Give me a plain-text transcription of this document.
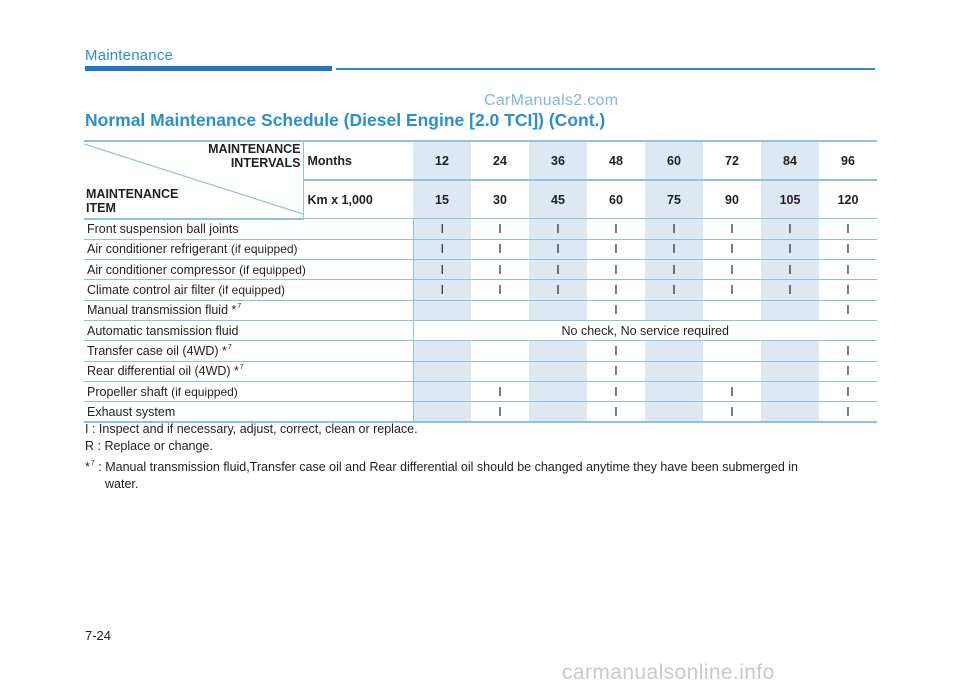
Maintenance
CarManuals2.com
Normal Maintenance Schedule (Diesel Engine [2.0 TCI]) (Cont.)
MAINTENANCE
INTERVALS
MAINTENANCE
ITEM	Months	12	24	36	48	60	72	84	96
	Km x 1,000	15	30	45	60	75	90	105	120
Front suspension ball joints		I	I	I	I	I	I	I	I
Air conditioner refrigerant (if equipped)		I	I	I	I	I	I	I	I
Air conditioner compressor (if equipped)		I	I	I	I	I	I	I	I
Climate control air filter (if equipped)		I	I	I	I	I	I	I	I
Manual transmission fluid *$^7$					I				I
Automatic tansmission fluid		No check, No service required							
Transfer case oil (4WD) *$^7$					I				I
Rear differential oil (4WD) *$^7$					I				I
Propeller shaft (if equipped)			I		I		I		I
Exhaust system			I		I		I		I
I : Inspect and if necessary, adjust, correct, clean or replace.
R : Replace or change.
*$^7$ : Manual transmission fluid,Transfer case oil and Rear differential oil should be changed anytime they have been submerged in
water.
7-24
carmanualsonline.info
